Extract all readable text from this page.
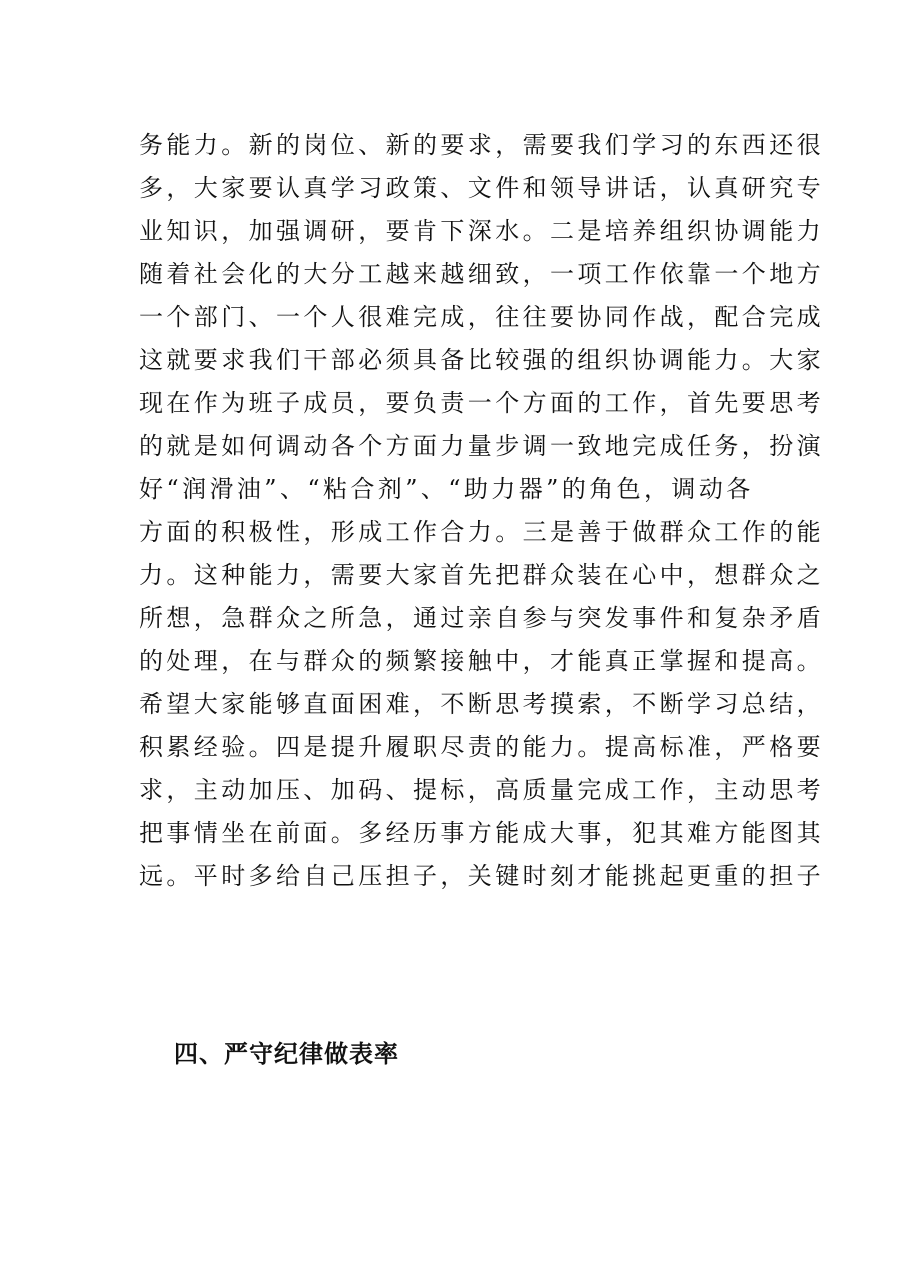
务能力。新的岗位、新的要求，需要我们学习的东西还很
多，大家要认真学习政策、文件和领导讲话，认真研究专
业知识，加强调研，要肯下深水。二是培养组织协调能力
随着社会化的大分工越来越细致，一项工作依靠一个地方
一个部门、一个人很难完成，往往要协同作战，配合完成
这就要求我们干部必须具备比较强的组织协调能力。大家
现在作为班子成员，要负责一个方面的工作，首先要思考
的就是如何调动各个方面力量步调一致地完成任务，扮演
好“润滑油”、“粘合剂”、“助力器”的角色，调动各
方面的积极性，形成工作合力。三是善于做群众工作的能
力。这种能力，需要大家首先把群众装在心中，想群众之
所想，急群众之所急，通过亲自参与突发事件和复杂矛盾
的处理，在与群众的频繁接触中，才能真正掌握和提高。
希望大家能够直面困难，不断思考摸索，不断学习总结，
积累经验。四是提升履职尽责的能力。提高标准，严格要
求，主动加压、加码、提标，高质量完成工作，主动思考
把事情坐在前面。多经历事方能成大事，犯其难方能图其
远。平时多给自己压担子，关键时刻才能挑起更重的担子
四、严守纪律做表率
